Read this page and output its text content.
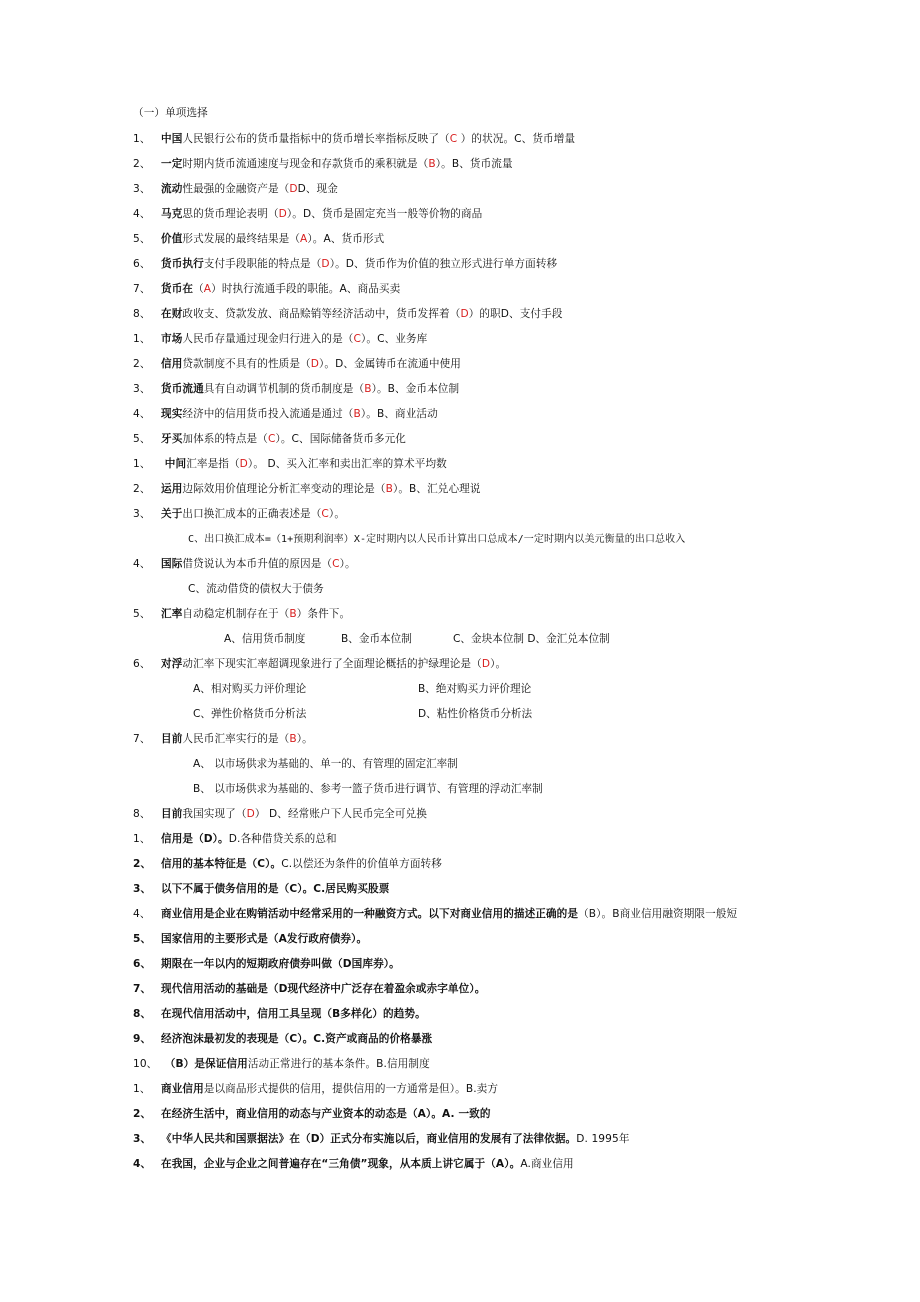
（一）单项选择
1、 中国人民银行公布的货币量指标中的货币增长率指标反映了（C ）的状况。C、货币增量
2、 一定时期内货币流通速度与现金和存款货币的乘积就是（B）。B、货币流量
3、 流动性最强的金融资产是（DD、现金
4、 马克思的货币理论表明（D）。D、货币是固定充当一般等价物的商品
5、 价值形式发展的最终结果是（A）。A、货币形式
6、 货币执行支付手段职能的特点是（D）。D、货币作为价值的独立形式进行单方面转移
7、 货币在（A）时执行流通手段的职能。A、商品买卖
8、 在财政收支、贷款发放、商品赊销等经济活动中，货币发挥着（D）的职D、支付手段
1、 市场人民币存量通过现金归行进入的是（C）。C、业务库
2、 信用贷款制度不具有的性质是（D）。D、金属铸币在流通中使用
3、 货币流通具有自动调节机制的货币制度是（B）。B、金币本位制
4、 现实经济中的信用货币投入流通是通过（B）。B、商业活动
5、 牙买加体系的特点是（C）。C、国际储备货币多元化
1、 中间汇率是指（D）。 D、买入汇率和卖出汇率的算术平均数
2、 运用边际效用价值理论分析汇率变动的理论是（B）。B、汇兑心理说
3、 关于出口换汇成本的正确表述是（C）。
C、出口换汇成本=（1+预期利润率）X-定时期内以人民币计算出口总成本/一定时期内以美元衡量的出口总收入
4、 国际借贷说认为本币升值的原因是（C）。
C、流动借贷的债权大于债务
5、 汇率自动稳定机制存在于（B）条件下。
A、信用货币制度	B、金币本位制	C、金块本位制 D、金汇兑本位制
6、 对浮动汇率下现实汇率超调现象进行了全面理论概括的护绿理论是（D）。
A、相对购买力评价理论	B、绝对购买力评价理论
C、弹性价格货币分析法	D、粘性价格货币分析法
7、 目前人民币汇率实行的是（B）。
A、 以市场供求为基础的、单一的、有管理的固定汇率制
B、 以市场供求为基础的、参考一篮子货币进行调节、有管理的浮动汇率制
8、 目前我国实现了（D） D、经常账户下人民币完全可兑换
1、 信用是（D）。D.各种借贷关系的总和
2、 信用的基本特征是（C）。C.以偿还为条件的价值单方面转移
3、 以下不属于债务信用的是（C）。C.居民购买股票
4、 商业信用是企业在购销活动中经常采用的一种融资方式。以下对商业信用的描述正确的是（B）。B商业信用融资期限一般短
5、 国家信用的主要形式是（A发行政府债券）。
6、 期限在一年以内的短期政府债券叫做（D国库券）。
7、 现代信用活动的基础是（D现代经济中广泛存在着盈余或赤字单位）。
8、 在现代信用活动中，信用工具呈现（B多样化）的趋势。
9、 经济泡沫最初发的表现是（C）。C.资产或商品的价格暴涨
10、 （B）是保证信用活动正常进行的基本条件。B.信用制度
1、 商业信用是以商品形式提供的信用，提供信用的一方通常是但）。B.卖方
2、 在经济生活中，商业信用的动态与产业资本的动态是（A）。A. 一致的
3、 《中华人民共和国票据法》在（D）正式分布实施以后，商业信用的发展有了法律依据。D. 1995年
4、 在我国，企业与企业之间普遍存在“三角债”现象，从本质上讲它属于（A）。A.商业信用
